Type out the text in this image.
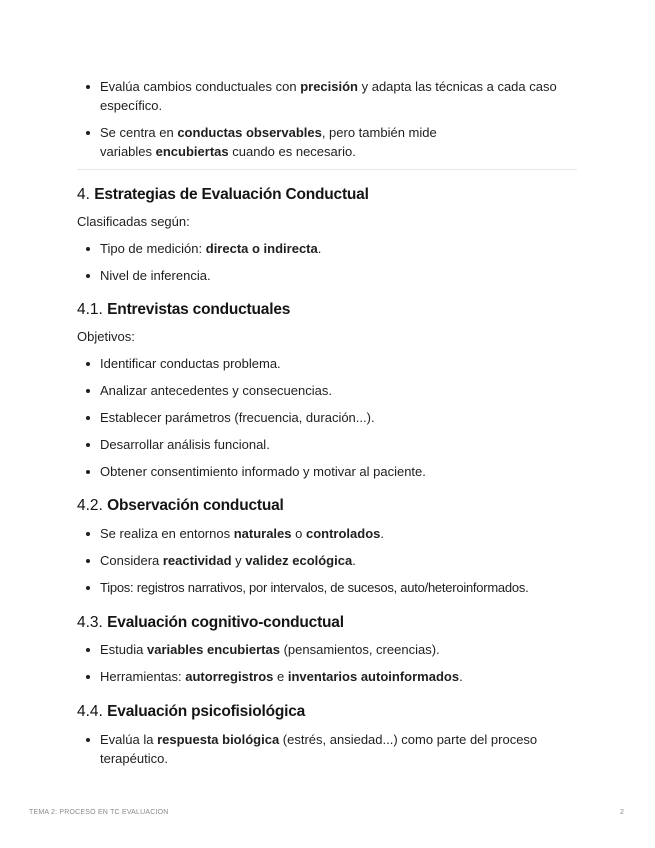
Evalúa cambios conductuales con precisión y adapta las técnicas a cada caso específico.
Se centra en conductas observables, pero también mide variables encubiertas cuando es necesario.
4. Estrategias de Evaluación Conductual

Clasificadas según:

Tipo de medición: directa o indirecta.
Nivel de inferencia.
4.1. Entrevistas conductuales

Objetivos:

Identificar conductas problema.
Analizar antecedentes y consecuencias.
Establecer parámetros (frecuencia, duración...).
Desarrollar análisis funcional.
Obtener consentimiento informado y motivar al paciente.
4.2. Observación conductual
Se realiza en entornos naturales o controlados.
Considera reactividad y validez ecológica.
Tipos: registros narrativos, por intervalos, de sucesos, auto/heteroinformados.
4.3. Evaluación cognitivo-conductual
Estudia variables encubiertas (pensamientos, creencias).
Herramientas: autorregistros e inventarios autoinformados.
4.4. Evaluación psicofisiológica
Evalúa la respuesta biológica (estrés, ansiedad...) como parte del proceso terapéutico.
TEMA 2: PROCESO EN TC EVALUACION	2
